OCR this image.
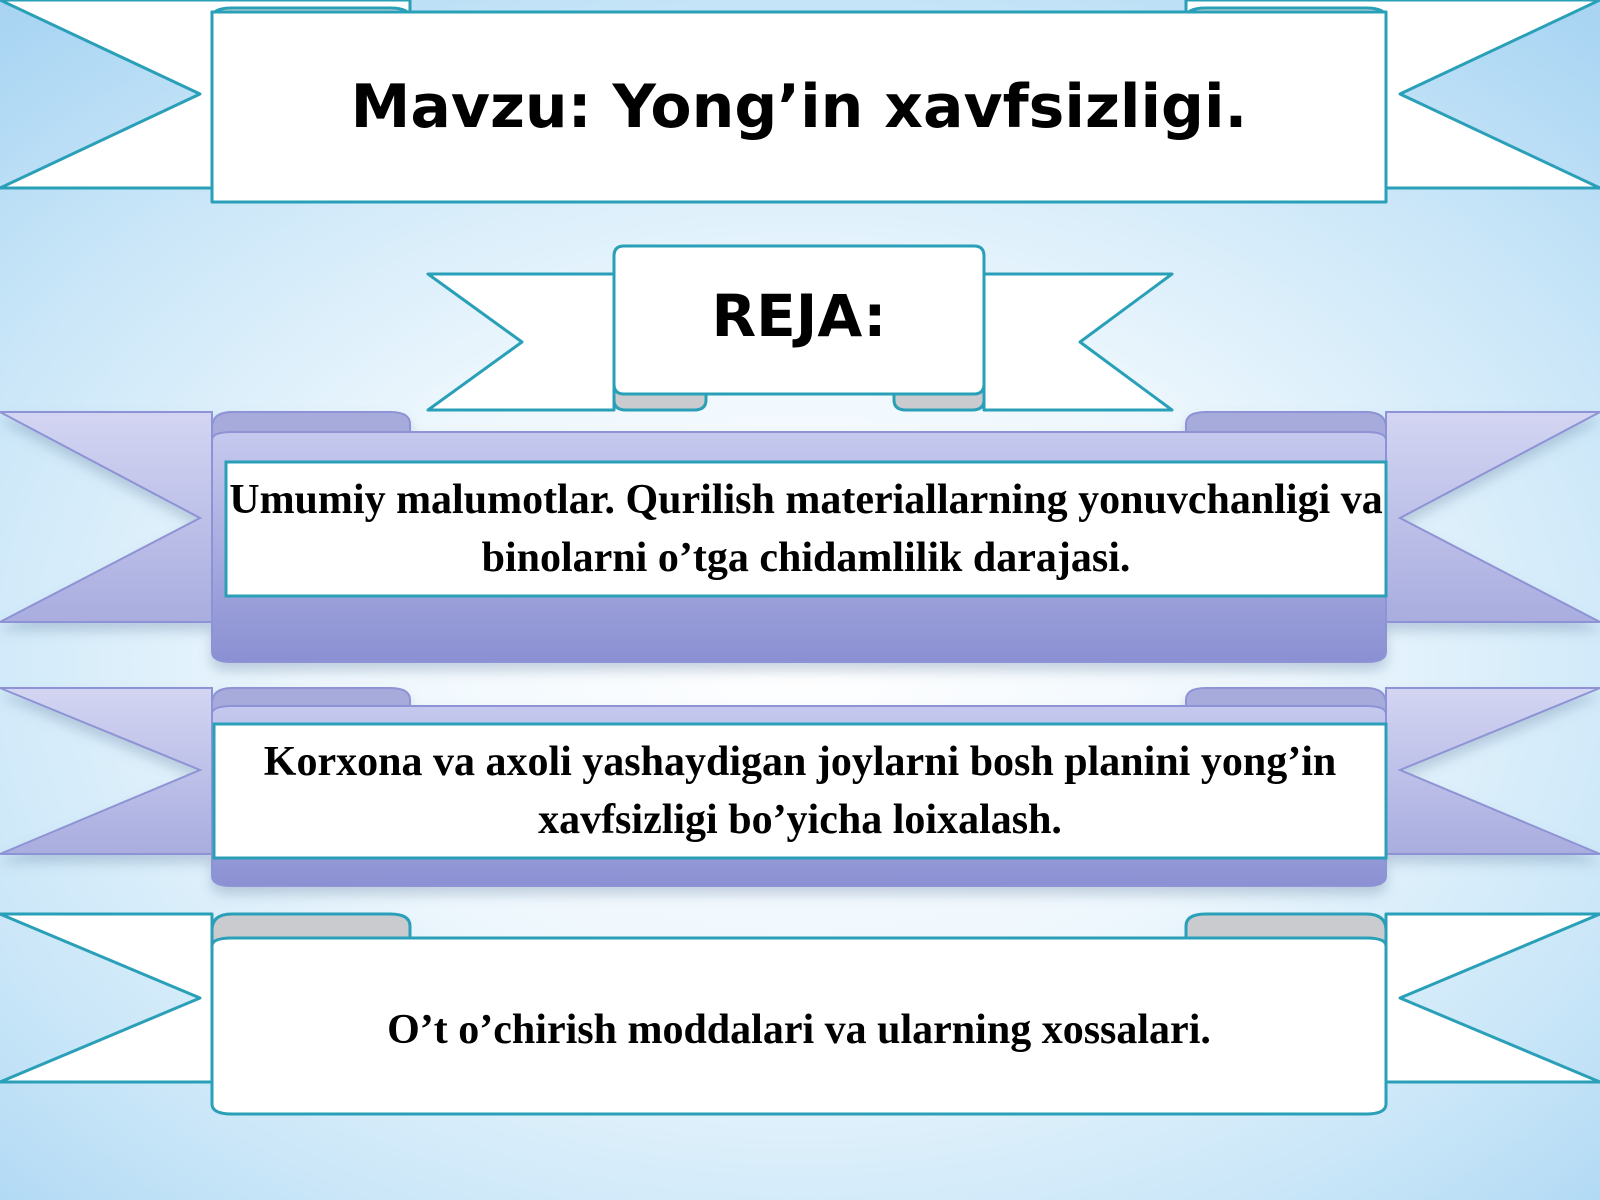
Mavzu: Yong’in xavfsizligi.
REJA:
Umumiy malumotlar. Qurilish materiallarning yonuvchanligi va binolarni o’tga chidamlilik darajasi.
Korxona va axoli yashaydigan joylarni bosh planini yong’in xavfsizligi bo’yicha loixalash.
O’t o’chirish moddalari va ularning xossalari.
